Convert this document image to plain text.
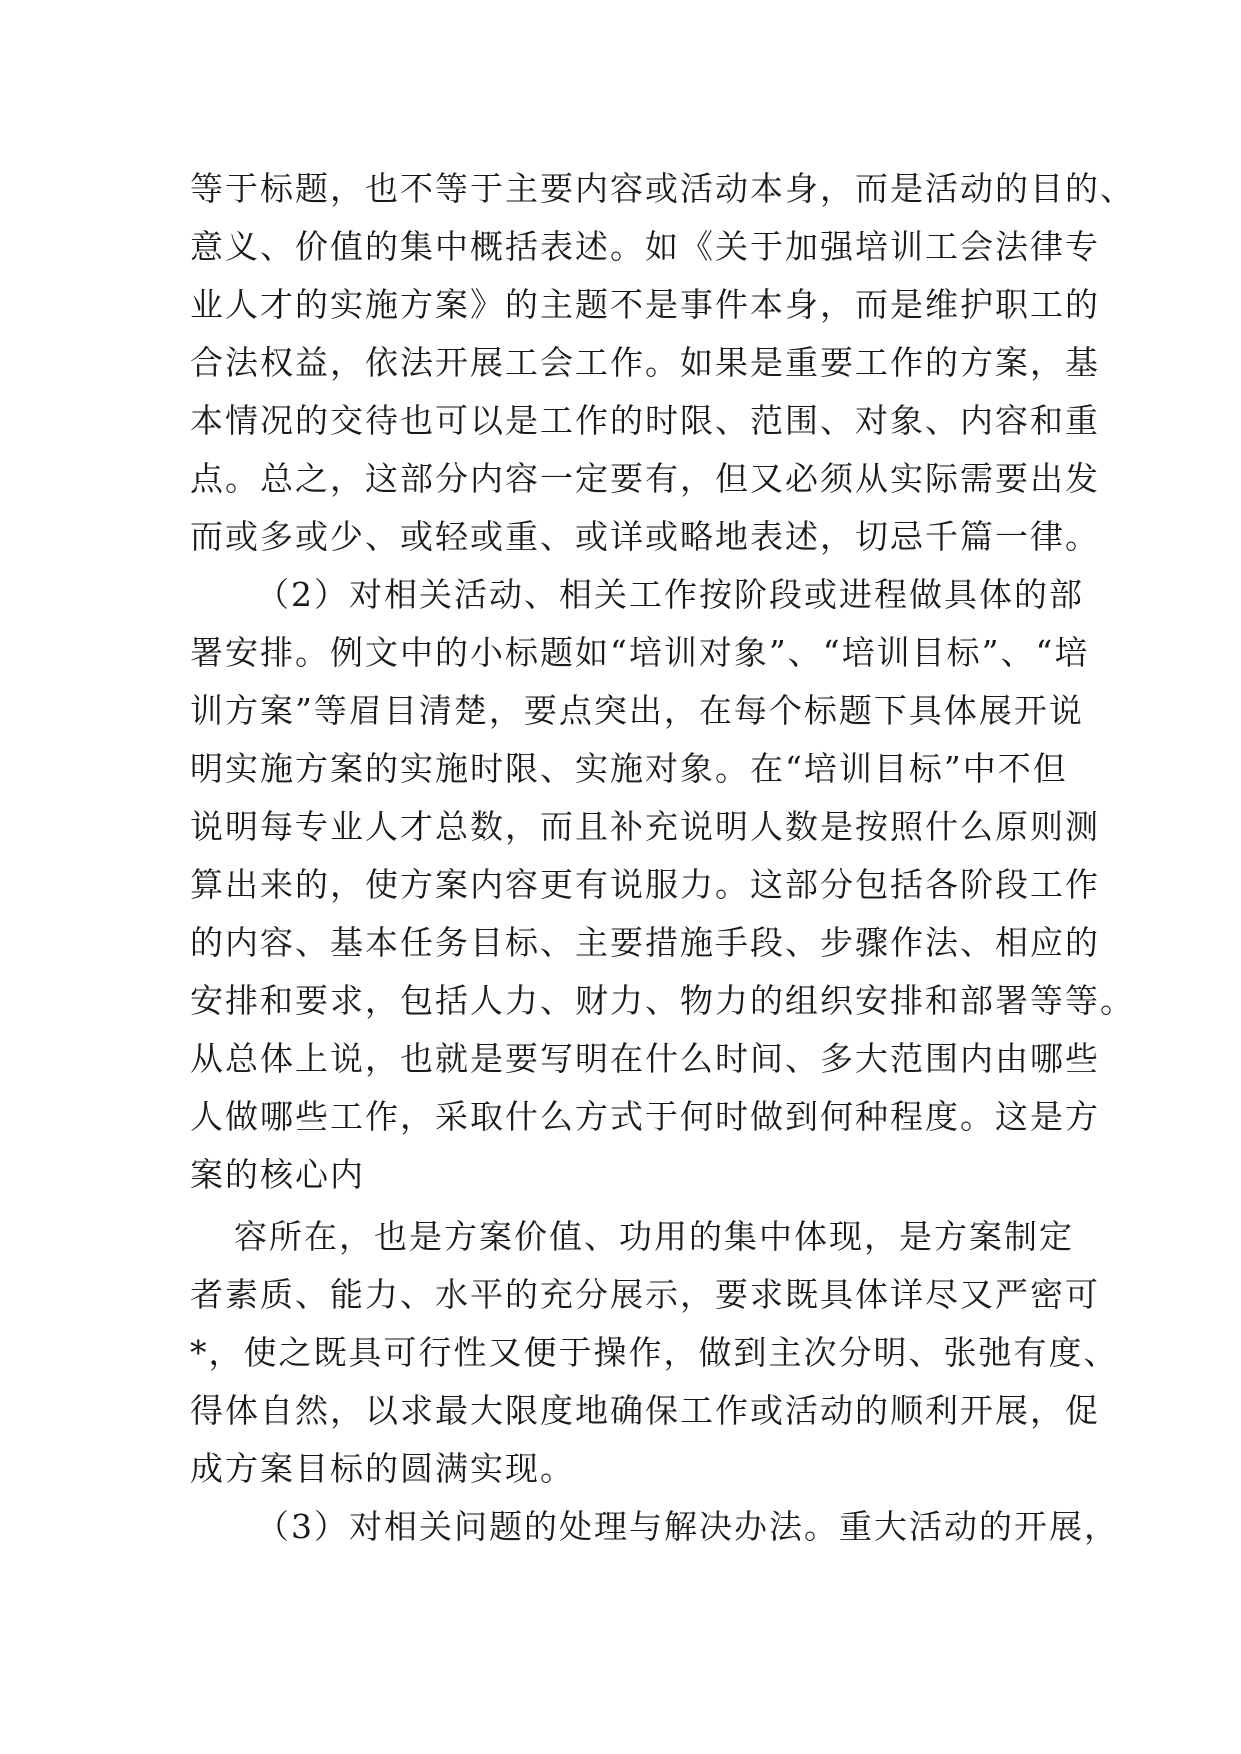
等于标题，也不等于主要内容或活动本身，而是活动的目的、
意义、价值的集中概括表述。如《关于加强培训工会法律专
业人才的实施方案》的主题不是事件本身，而是维护职工的
合法权益，依法开展工会工作。如果是重要工作的方案，基
本情况的交待也可以是工作的时限、范围、对象、内容和重
点。总之，这部分内容一定要有，但又必须从实际需要出发
而或多或少、或轻或重、或详或略地表述，切忌千篇一律。
（2）对相关活动、相关工作按阶段或进程做具体的部
署安排。例文中的小标题如“培训对象”、“培训目标”、“培
训方案”等眉目清楚，要点突出，在每个标题下具体展开说
明实施方案的实施时限、实施对象。在“培训目标”中不但
说明每专业人才总数，而且补充说明人数是按照什么原则测
算出来的，使方案内容更有说服力。这部分包括各阶段工作
的内容、基本任务目标、主要措施手段、步骤作法、相应的
安排和要求，包括人力、财力、物力的组织安排和部署等等。
从总体上说，也就是要写明在什么时间、多大范围内由哪些
人做哪些工作，采取什么方式于何时做到何种程度。这是方
案的核心内
容所在，也是方案价值、功用的集中体现，是方案制定
者素质、能力、水平的充分展示，要求既具体详尽又严密可
*，使之既具可行性又便于操作，做到主次分明、张弛有度、
得体自然，以求最大限度地确保工作或活动的顺利开展，促
成方案目标的圆满实现。
（3）对相关问题的处理与解决办法。重大活动的开展，
